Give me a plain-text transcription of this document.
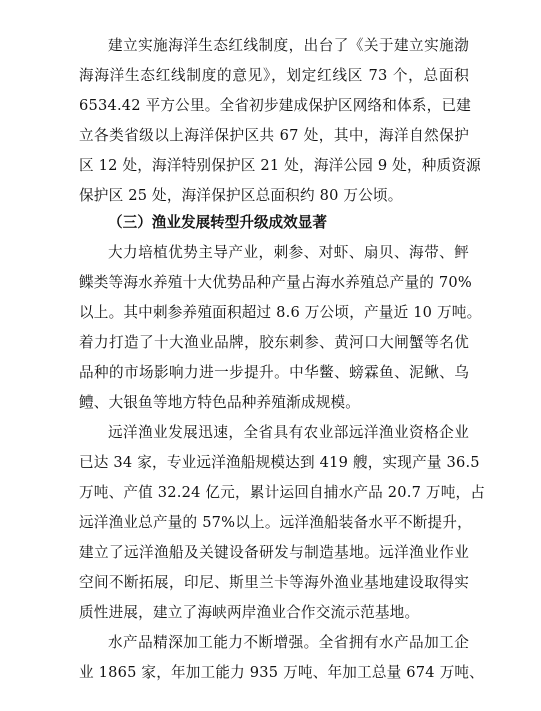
建立实施海洋生态红线制度，出台了《关于建立实施渤
海海洋生态红线制度的意见》，划定红线区 73 个，总面积
6534.42 平方公里。全省初步建成保护区网络和体系，已建
立各类省级以上海洋保护区共 67 处，其中，海洋自然保护
区 12 处，海洋特别保护区 21 处，海洋公园 9 处，种质资源
保护区 25 处，海洋保护区总面积约 80 万公顷。
（三）渔业发展转型升级成效显著
大力培植优势主导产业，刺参、对虾、扇贝、海带、鲆
鲽类等海水养殖十大优势品种产量占海水养殖总产量的 70%
以上。其中刺参养殖面积超过 8.6 万公顷，产量近 10 万吨。
着力打造了十大渔业品牌，胶东刺参、黄河口大闸蟹等名优
品种的市场影响力进一步提升。中华鳖、螃霖鱼、泥鳅、乌
鳢、大银鱼等地方特色品种养殖渐成规模。
远洋渔业发展迅速，全省具有农业部远洋渔业资格企业
已达 34 家，专业远洋渔船规模达到 419 艘，实现产量 36.5
万吨、产值 32.24 亿元，累计运回自捕水产品 20.7 万吨，占
远洋渔业总产量的 57%以上。远洋渔船装备水平不断提升，
建立了远洋渔船及关键设备研发与制造基地。远洋渔业作业
空间不断拓展，印尼、斯里兰卡等海外渔业基地建设取得实
质性进展，建立了海峡两岸渔业合作交流示范基地。
水产品精深加工能力不断增强。全省拥有水产品加工企
业 1865 家，年加工能力 935 万吨、年加工总量 674 万吨、
